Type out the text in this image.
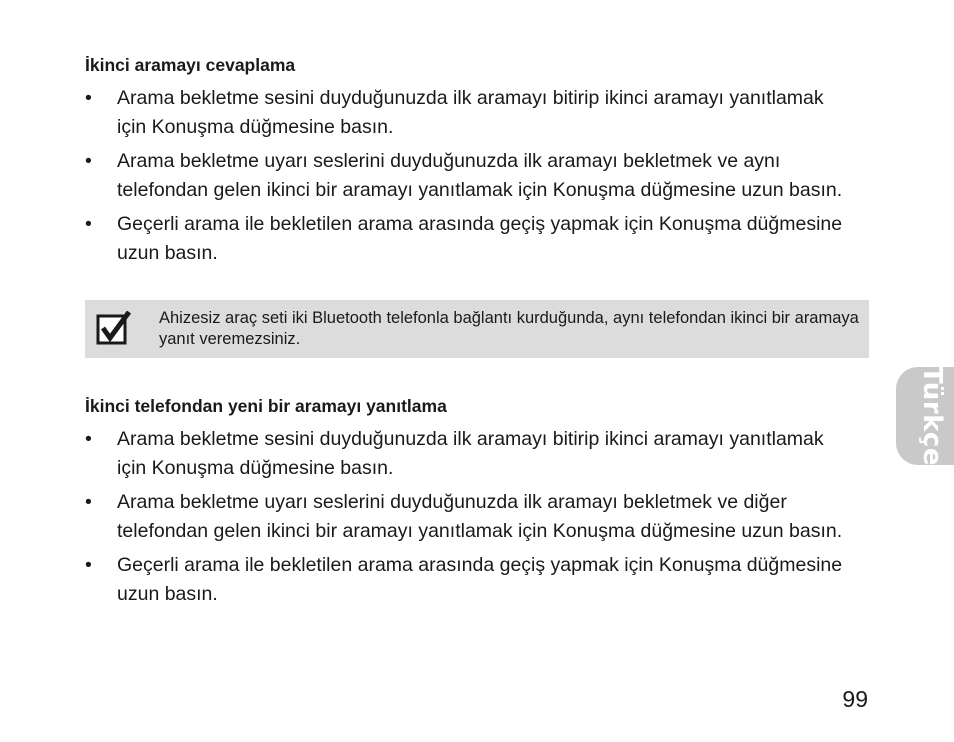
İkinci aramayı cevaplama
• Arama bekletme sesini duyduğunuzda ilk aramayı bitirip ikinci aramayı yanıtlamak için Konuşma düğmesine basın.
• Arama bekletme uyarı seslerini duyduğunuzda ilk aramayı bekletmek ve aynı telefondan gelen ikinci bir aramayı yanıtlamak için Konuşma düğmesine uzun basın.
• Geçerli arama ile bekletilen arama arasında geçiş yapmak için Konuşma düğmesine uzun basın.
Ahizesiz araç seti iki Bluetooth telefonla bağlantı kurduğunda, aynı telefondan ikinci bir aramaya yanıt veremezsiniz.
İkinci telefondan yeni bir aramayı yanıtlama
• Arama bekletme sesini duyduğunuzda ilk aramayı bitirip ikinci aramayı yanıtlamak için Konuşma düğmesine basın.
• Arama bekletme uyarı seslerini duyduğunuzda ilk aramayı bekletmek ve diğer telefondan gelen ikinci bir aramayı yanıtlamak için Konuşma düğmesine uzun basın.
• Geçerli arama ile bekletilen arama arasında geçiş yapmak için Konuşma düğmesine uzun basın.
Türkçe
99
